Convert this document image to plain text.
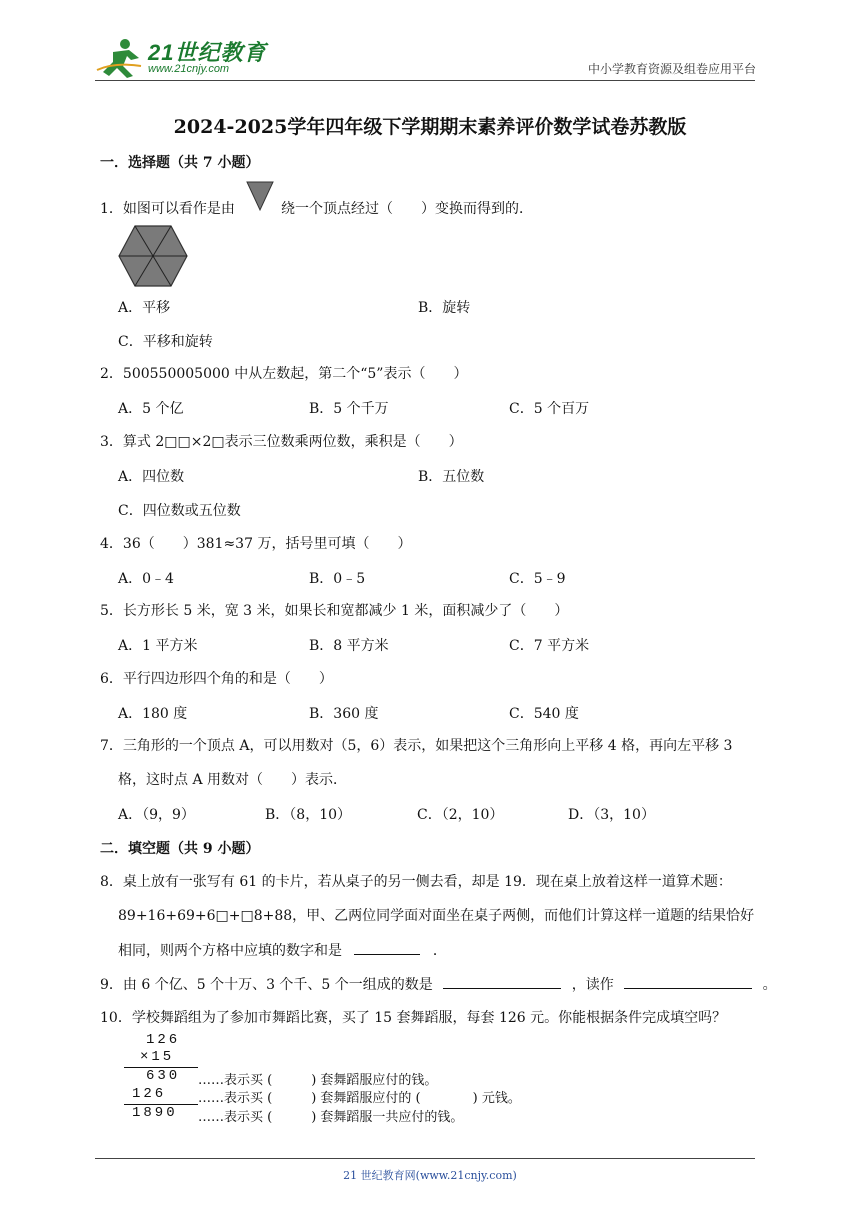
21世纪教育
www.21cnjy.com	中小学教育资源及组卷应用平台
2024-2025学年四年级下学期期末素养评价数学试卷苏教版
一．选择题（共 7 小题）
1．如图可以看作是由	绕一个顶点经过（　　）变换而得到的．
A．平移	B．旋转
C．平移和旋转
2．500550005000 中从左数起，第二个“5”表示（　　）
A．5 个亿	B．5 个千万	C．5 个百万
3．算式 2□□×2□表示三位数乘两位数，乘积是（　　）
A．四位数	B．五位数
C．四位数或五位数
4．36（　　）381≈37 万，括号里可填（　　）
A．0﹣4	B．0﹣5	C．5﹣9
5．长方形长 5 米，宽 3 米，如果长和宽都减少 1 米，面积减少了（　　）
A．1 平方米	B．8 平方米	C．7 平方米
6．平行四边形四个角的和是（　　）
A．180 度	B．360 度	C．540 度
7．三角形的一个顶点 A，可以用数对（5，6）表示，如果把这个三角形向上平移 4 格，再向左平移 3
格，这时点 A 用数对（　　）表示．
A．（9，9）	B．（8，10）	C．（2，10）	D．（3，10）
二．填空题（共 9 小题）
8．桌上放有一张写有 61 的卡片，若从桌子的另一侧去看，却是 19．现在桌上放着这样一道算术题：
89+16+69+6□+□8+88，甲、乙两位同学面对面坐在桌子两侧，而他们计算这样一道题的结果恰好
相同，则两个方格中应填的数字和是	．
9．由 6 个亿、5 个十万、3 个千、5 个一组成的数是	，读作	。
10．学校舞蹈组为了参加市舞蹈比赛，买了 15 套舞蹈服，每套 126 元。你能根据条件完成填空吗？
126
×15
630 ……表示买 (　　　) 套舞蹈服应付的钱。
126 ……表示买 (　　　) 套舞蹈服应付的 (　　　　) 元钱。
1890 ……表示买 (　　　) 套舞蹈服一共应付的钱。
21 世纪教育网(www.21cnjy.com)
